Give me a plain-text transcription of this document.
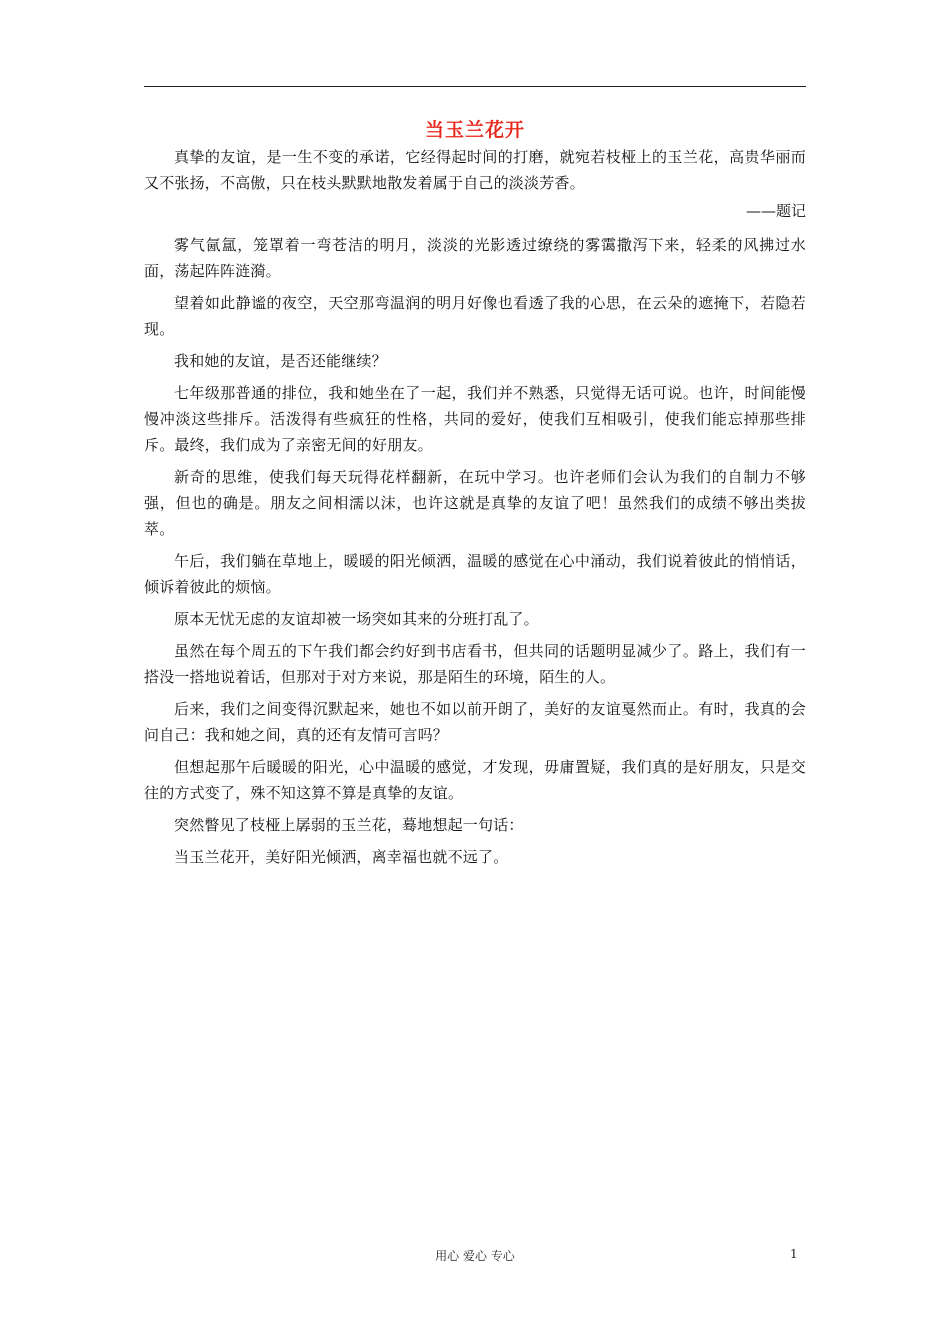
当玉兰花开

真挚的友谊，是一生不变的承诺，它经得起时间的打磨，就宛若枝桠上的玉兰花，高贵华丽而又不张扬，不高傲，只在枝头默默地散发着属于自己的淡淡芳香。

——题记

雾气氤氲，笼罩着一弯苍洁的明月，淡淡的光影透过缭绕的雾霭撒泻下来，轻柔的风拂过水面，荡起阵阵涟漪。

望着如此静谧的夜空，天空那弯温润的明月好像也看透了我的心思，在云朵的遮掩下，若隐若现。

我和她的友谊，是否还能继续？

七年级那普通的排位，我和她坐在了一起，我们并不熟悉，只觉得无话可说。也许，时间能慢慢冲淡这些排斥。活泼得有些疯狂的性格，共同的爱好，使我们互相吸引，使我们能忘掉那些排斥。最终，我们成为了亲密无间的好朋友。

新奇的思维，使我们每天玩得花样翻新，在玩中学习。也许老师们会认为我们的自制力不够强，但也的确是。朋友之间相濡以沫，也许这就是真挚的友谊了吧！虽然我们的成绩不够出类拔萃。

午后，我们躺在草地上，暖暖的阳光倾洒，温暖的感觉在心中涌动，我们说着彼此的悄悄话，倾诉着彼此的烦恼。

原本无忧无虑的友谊却被一场突如其来的分班打乱了。

虽然在每个周五的下午我们都会约好到书店看书，但共同的话题明显减少了。路上，我们有一搭没一搭地说着话，但那对于对方来说，那是陌生的环境，陌生的人。

后来，我们之间变得沉默起来，她也不如以前开朗了，美好的友谊戛然而止。有时，我真的会问自己：我和她之间，真的还有友情可言吗？

但想起那午后暖暖的阳光，心中温暖的感觉，才发现，毋庸置疑，我们真的是好朋友，只是交往的方式变了，殊不知这算不算是真挚的友谊。

突然瞥见了枝桠上孱弱的玉兰花，蓦地想起一句话：

当玉兰花开，美好阳光倾洒，离幸福也就不远了。

用心 爱心 专心	1
